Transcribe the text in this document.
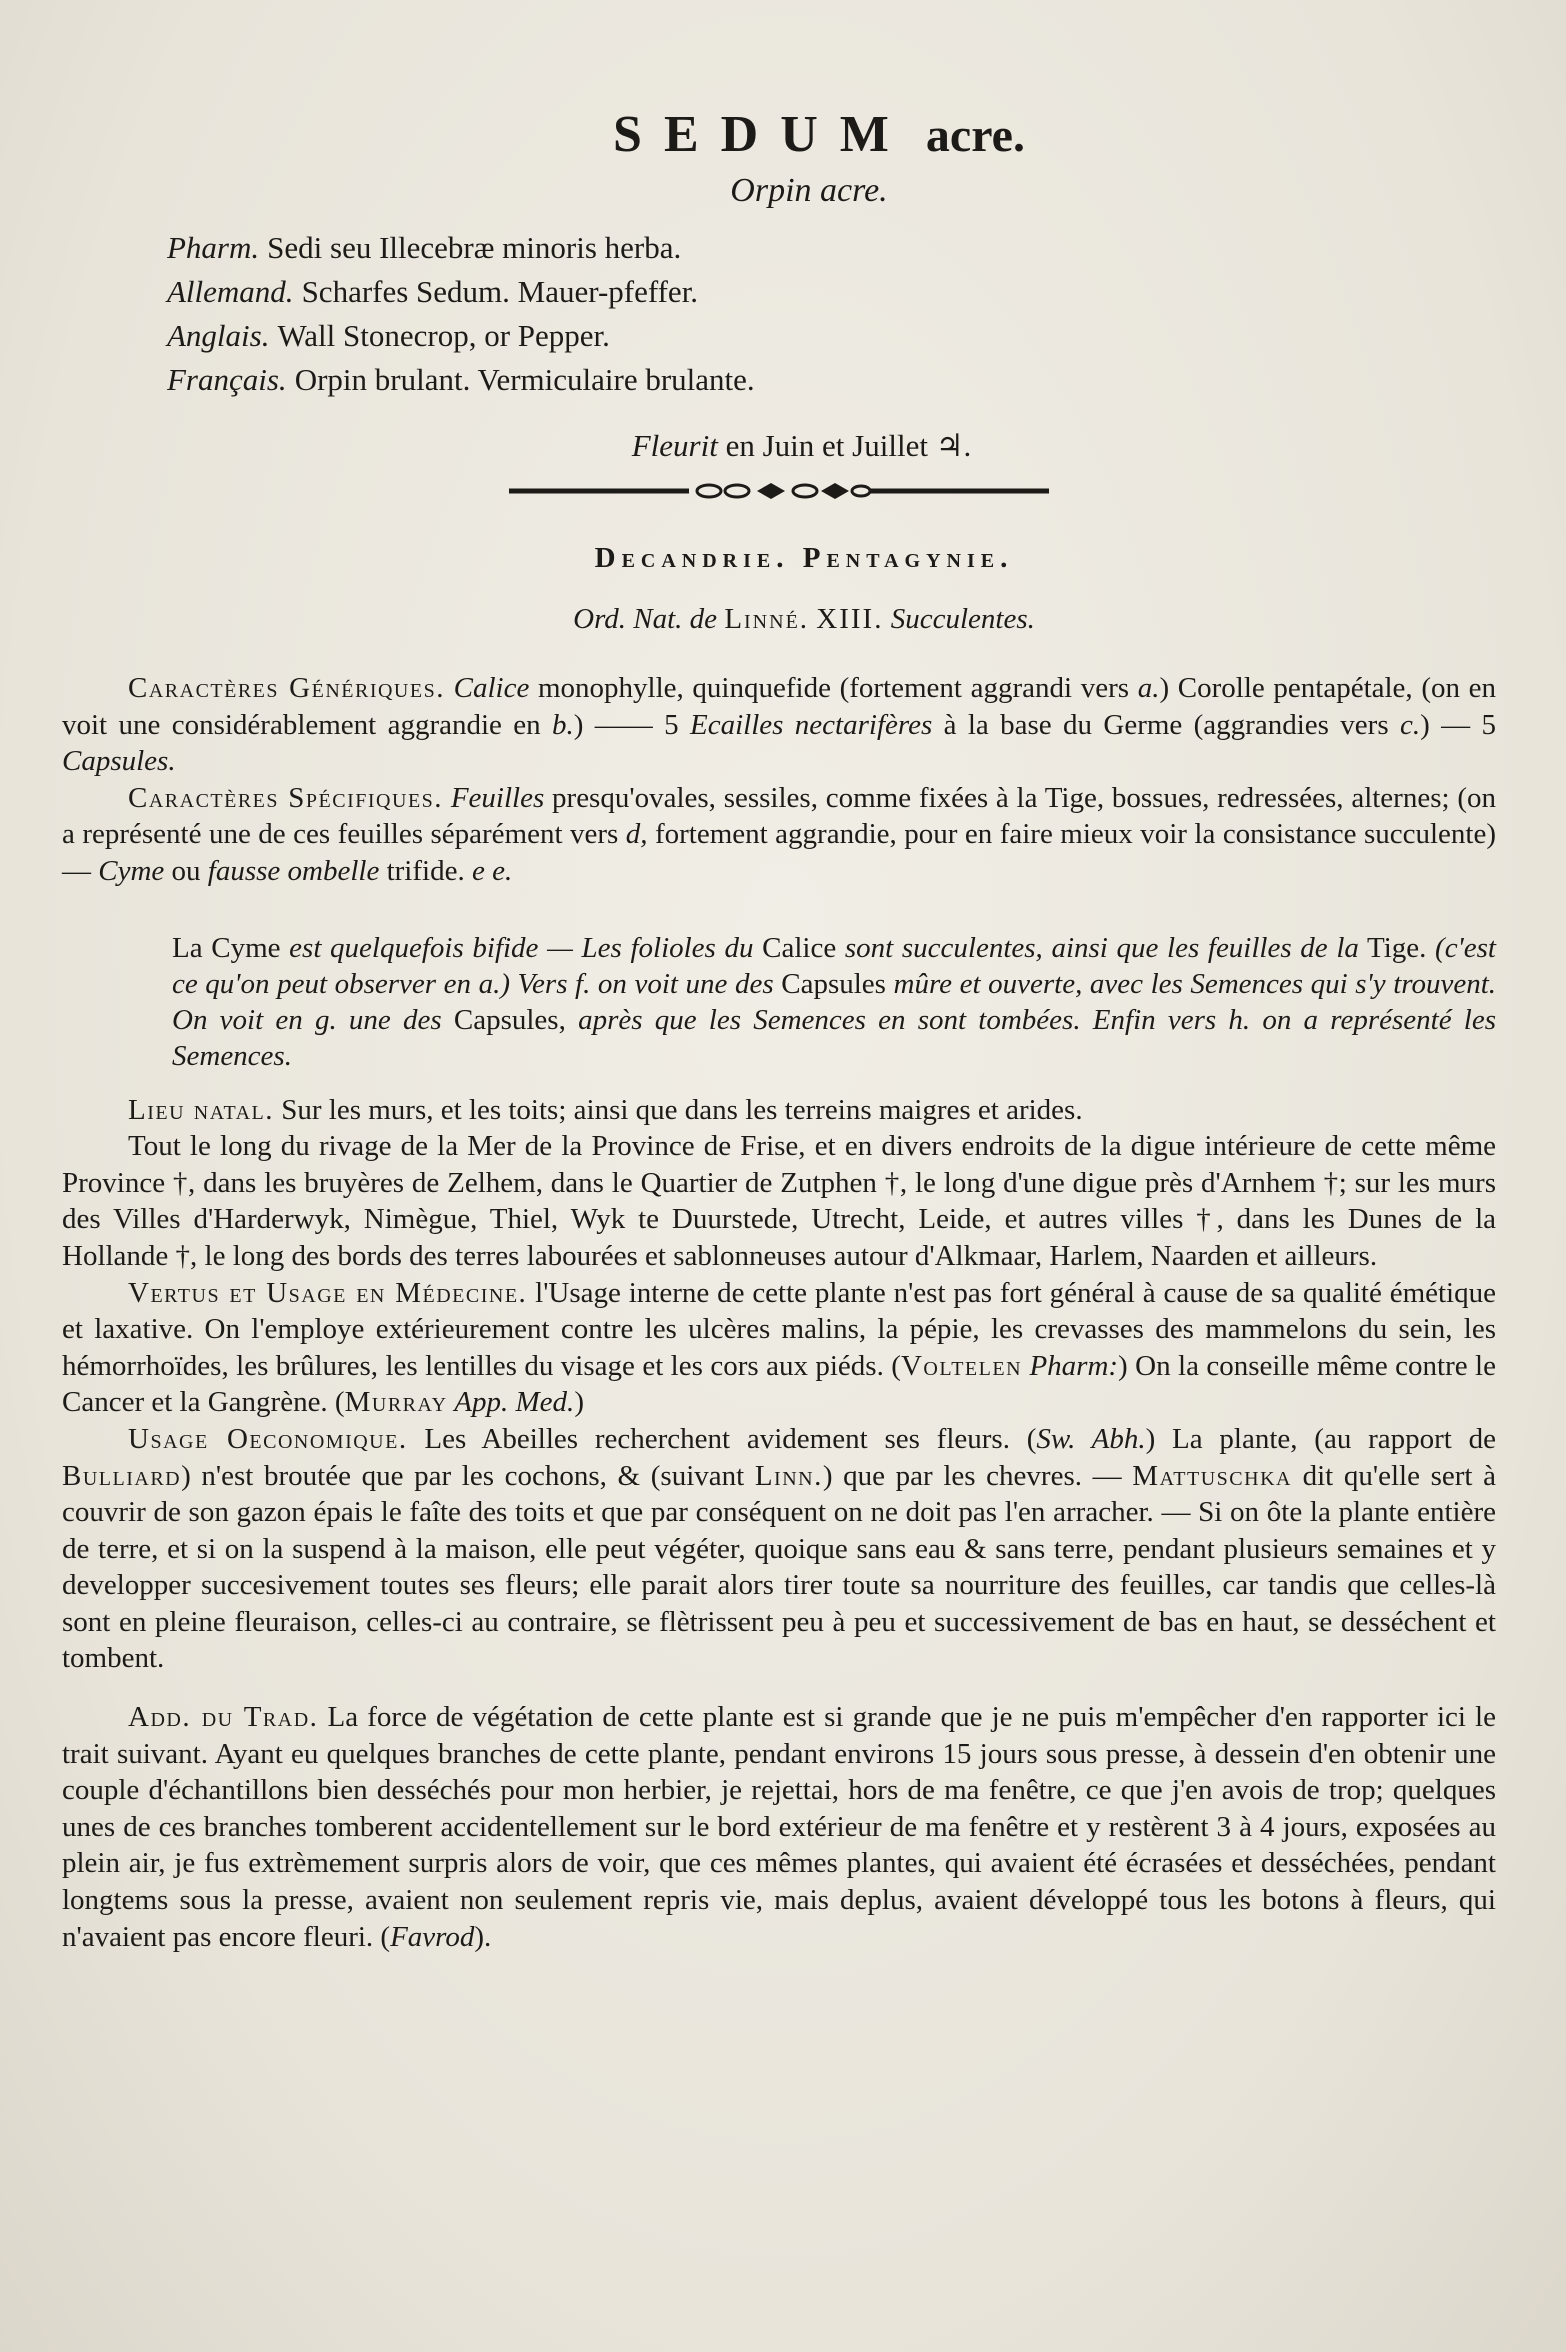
SEDUM acre.
Orpin acre.
Pharm. Sedi seu Illecebræ minoris herba.
Allemand. Scharfes Sedum. Mauer-pfeffer.
Anglais. Wall Stonecrop, or Pepper.
Français. Orpin brulant. Vermiculaire brulante.
Fleurit en Juin et Juillet ♃.
Decandrie. Pentagynie.
Ord. Nat. de Linné. XIII. Succulentes.

Caractères Génériques. Calice monophylle, quinquefide (fortement aggrandi vers a.) Corolle pentapétale, (on en voit une considérablement aggrandie en b.) —— 5 Ecailles nectarifères à la base du Germe (aggrandies vers c.) — 5 Capsules.

Caractères Spécifiques. Feuilles presqu'ovales, sessiles, comme fixées à la Tige, bossues, redressées, alternes; (on a représenté une de ces feuilles séparément vers d, fortement aggrandie, pour en faire mieux voir la consistance succulente) — Cyme ou fausse ombelle trifide. e e.

La Cyme est quelquefois bifide — Les folioles du Calice sont succulentes, ainsi que les feuilles de la Tige. (c'est ce qu'on peut observer en a.) Vers f. on voit une des Capsules mûre et ouverte, avec les Semences qui s'y trouvent. On voit en g. une des Capsules, après que les Semences en sont tombées. Enfin vers h. on a représenté les Semences.

Lieu natal. Sur les murs, et les toits; ainsi que dans les terreins maigres et arides.

Tout le long du rivage de la Mer de la Province de Frise, et en divers endroits de la digue intérieure de cette même Province †, dans les bruyères de Zelhem, dans le Quartier de Zutphen †, le long d'une digue près d'Arnhem †; sur les murs des Villes d'Harderwyk, Nimègue, Thiel, Wyk te Duurstede, Utrecht, Leide, et autres villes †, dans les Dunes de la Hollande †, le long des bords des terres labourées et sablonneuses autour d'Alkmaar, Harlem, Naarden et ailleurs.

Vertus et Usage en Médecine. l'Usage interne de cette plante n'est pas fort général à cause de sa qualité émétique et laxative. On l'employe extérieurement contre les ulcères malins, la pépie, les crevasses des mammelons du sein, les hémorrhoïdes, les brûlures, les lentilles du visage et les cors aux piéds. (Voltelen Pharm:) On la conseille même contre le Cancer et la Gangrène. (Murray App. Med.)

Usage Oeconomique. Les Abeilles recherchent avidement ses fleurs. (Sw. Abh.) La plante, (au rapport de Bulliard) n'est broutée que par les cochons, & (suivant Linn.) que par les chevres. — Mattuschka dit qu'elle sert à couvrir de son gazon épais le faîte des toits et que par conséquent on ne doit pas l'en arracher. — Si on ôte la plante entière de terre, et si on la suspend à la maison, elle peut végéter, quoique sans eau & sans terre, pendant plusieurs semaines et y developper succesivement toutes ses fleurs; elle parait alors tirer toute sa nourriture des feuilles, car tandis que celles-là sont en pleine fleuraison, celles-ci au contraire, se flètrissent peu à peu et successivement de bas en haut, se desséchent et tombent.

Add. du Trad. La force de végétation de cette plante est si grande que je ne puis m'empêcher d'en rapporter ici le trait suivant. Ayant eu quelques branches de cette plante, pendant environs 15 jours sous presse, à dessein d'en obtenir une couple d'échantillons bien desséchés pour mon herbier, je rejettai, hors de ma fenêtre, ce que j'en avois de trop; quelques unes de ces branches tomberent accidentellement sur le bord extérieur de ma fenêtre et y restèrent 3 à 4 jours, exposées au plein air, je fus extrèmement surpris alors de voir, que ces mêmes plantes, qui avaient été écrasées et desséchées, pendant longtems sous la presse, avaient non seulement repris vie, mais deplus, avaient développé tous les botons à fleurs, qui n'avaient pas encore fleuri. (Favrod).
